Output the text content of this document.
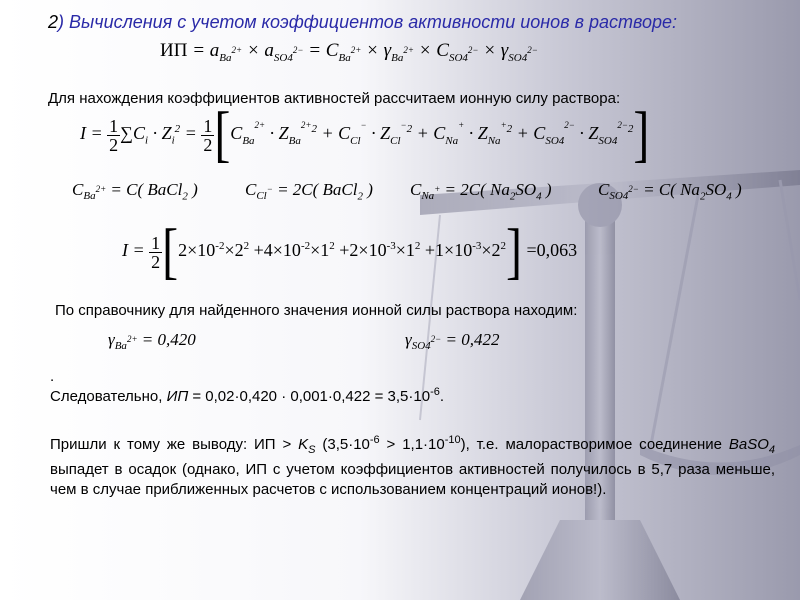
2) Вычисления с учетом коэффициентов активности ионов в растворе:
ИП = $a_{Ba^{2+}} \times a_{SO4^{2-}} = C_{Ba^{2+}} \times \gamma_{Ba^{2+}} \times C_{SO4^{2-}} \times \gamma_{SO4^{2-}}$
Для нахождения коэффициентов активностей рассчитаем ионную силу раствора:
$I = \frac{1}{2} \sum C_i \cdot Z_i^2 = \frac{1}{2} [C_{Ba^{2+}} \cdot Z_{Ba^{2+}}^2 + C_{Cl^-} \cdot Z_{Cl^-}^2 + C_{Na^+} \cdot Z_{Na^+}^2 + C_{SO4^{2-}} \cdot Z_{SO4^{2-}}^2]$
$C_{Ba^{2+}} = C$( BaCl$_2$ )	$C_{Cl^-} = 2C$( BaCl$_2$ ) $C_{Na^+} = 2C$( $Na_2SO_4$ )	$C_{SO4^{2-}} = C$( $Na_2SO_4$ )
$I = \frac{1}{2} [2\times 10^{-2}\times 2^2 +4\times 10^{-2}\times 1^2 +2\times 10^{-3}\times 1^2 +1\times 10^{-3}\times 2^2] =0,063$
По справочнику для найденного значения ионной силы раствора находим:
$\gamma_{Ba^{2+}} = 0,420$	$\gamma_{SO4^{2-}} = 0,422$
.
Следовательно, ИП = $0,02\cdot 0,420 \cdot 0,001\cdot 0,422 = 3,5\cdot 10^{-6}$.
Пришли к тому же выводу: ИП > $K_S$ $(3,5\cdot 10^{-6} > 1,1\cdot 10^{-10})$, т.е. малорастворимое соединение BaSO$_4$ выпадет в осадок (однако, ИП с учетом коэффициентов активностей получилось в 5,7 раза меньше, чем в случае приближенных расчетов с использованием концентраций ионов!).
